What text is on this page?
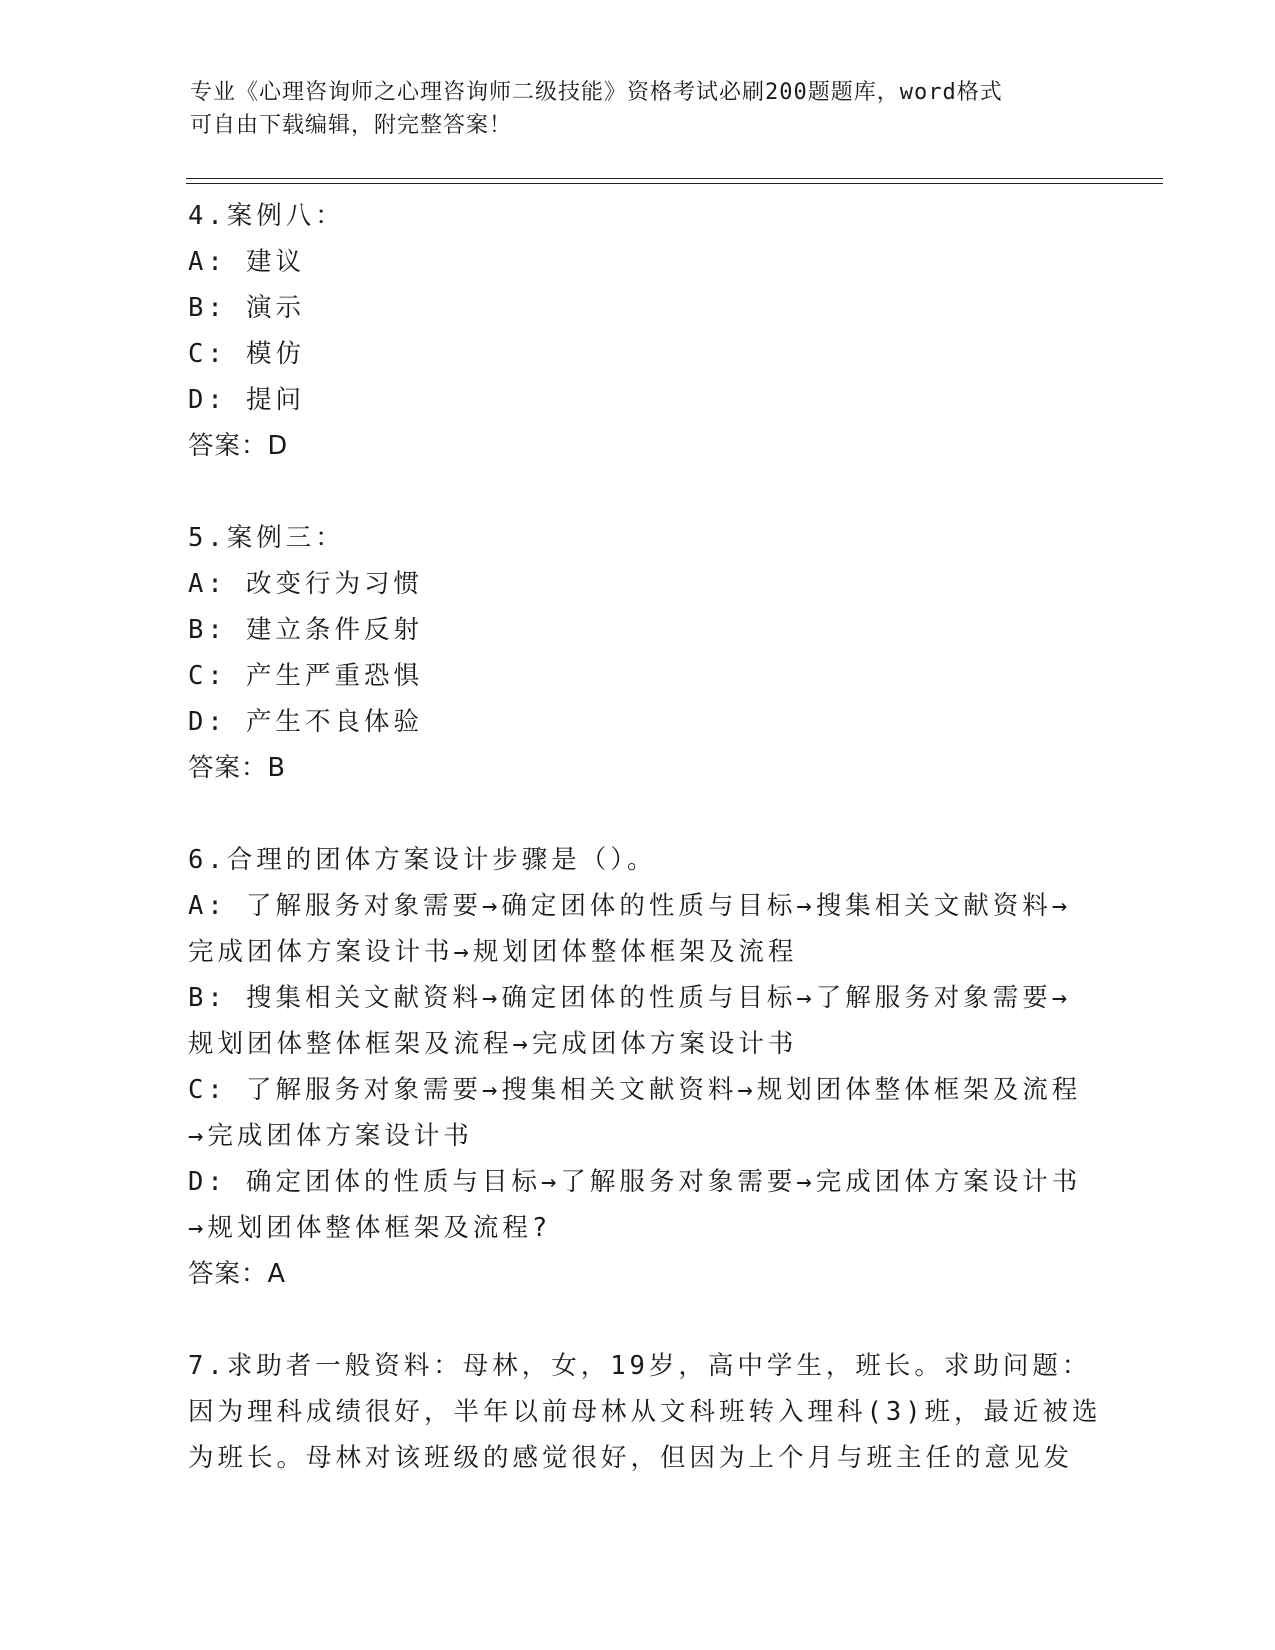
专业《心理咨询师之心理咨询师二级技能》资格考试必刷200题题库，word格式
可自由下载编辑，附完整答案！
4.案例八：
A: 建议
B: 演示
C: 模仿
D: 提问
答案：D
5.案例三：
A: 改变行为习惯
B: 建立条件反射
C: 产生严重恐惧
D: 产生不良体验
答案：B
6.合理的团体方案设计步骤是（）。
A: 了解服务对象需要→确定团体的性质与目标→搜集相关文献资料→
完成团体方案设计书→规划团体整体框架及流程
B: 搜集相关文献资料→确定团体的性质与目标→了解服务对象需要→
规划团体整体框架及流程→完成团体方案设计书
C: 了解服务对象需要→搜集相关文献资料→规划团体整体框架及流程
→完成团体方案设计书
D: 确定团体的性质与目标→了解服务对象需要→完成团体方案设计书
→规划团体整体框架及流程?
答案：A
7.求助者一般资料：母林，女，19岁，高中学生，班长。求助问题：
因为理科成绩很好，半年以前母林从文科班转入理科(3)班，最近被选
为班长。母林对该班级的感觉很好，但因为上个月与班主任的意见发
